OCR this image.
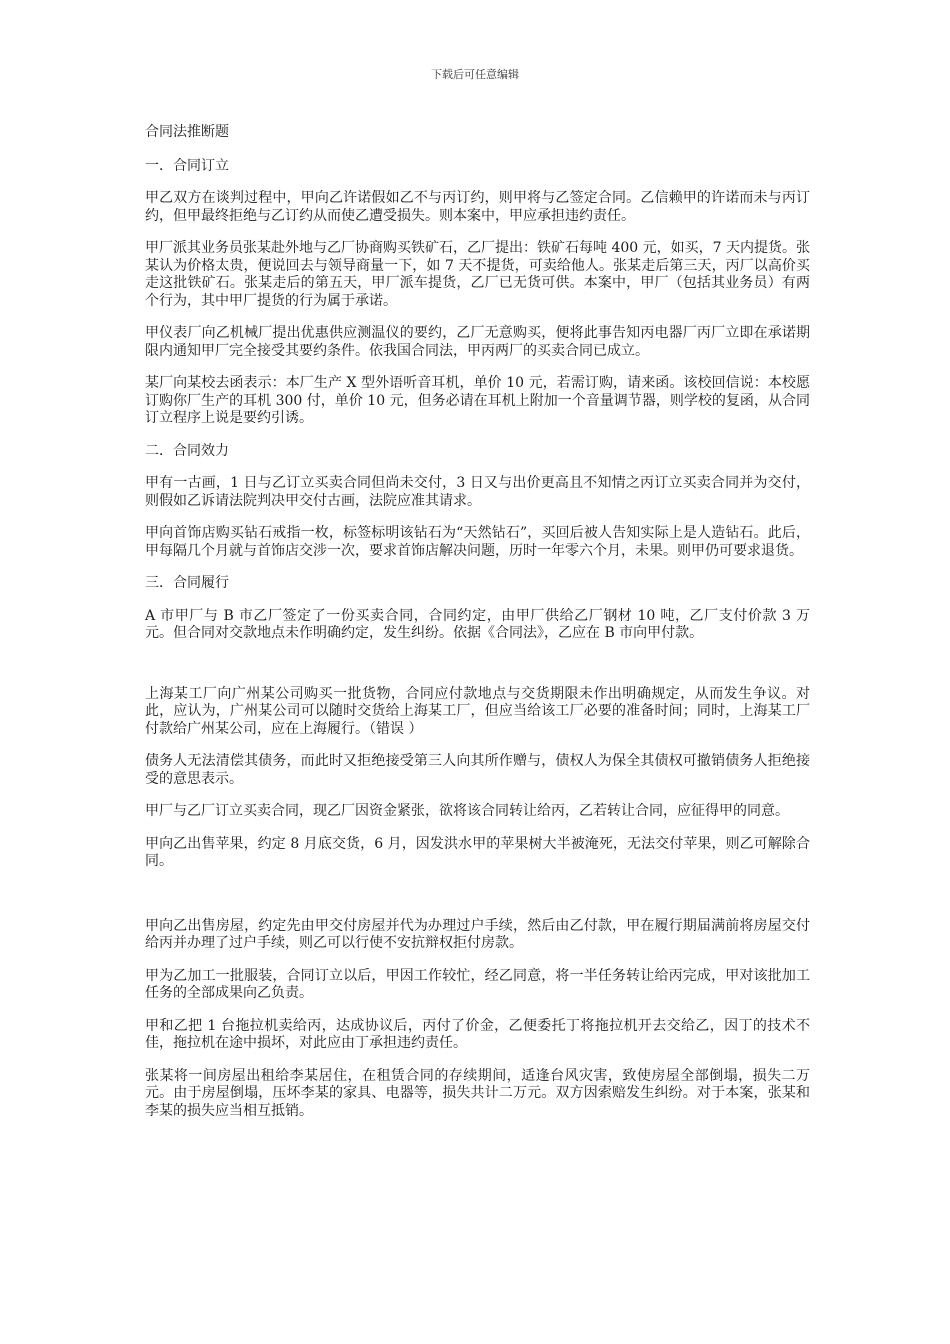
下载后可任意编辑

合同法推断题

一．合同订立

甲乙双方在谈判过程中，甲向乙许诺假如乙不与丙订约，则甲将与乙签定合同。乙信赖甲的许诺而未与丙订约，但甲最终拒绝与乙订约从而使乙遭受损失。则本案中，甲应承担违约责任。

甲厂派其业务员张某赴外地与乙厂协商购买铁矿石，乙厂提出：铁矿石每吨 400 元，如买，7 天内提货。张某认为价格太贵，便说回去与领导商量一下，如 7 天不提货，可卖给他人。张某走后第三天，丙厂以高价买走这批铁矿石。张某走后的第五天，甲厂派车提货，乙厂已无货可供。本案中，甲厂（包括其业务员）有两个行为，其中甲厂提货的行为属于承诺。

甲仪表厂向乙机械厂提出优惠供应测温仪的要约，乙厂无意购买，便将此事告知丙电器厂丙厂立即在承诺期限内通知甲厂完全接受其要约条件。依我国合同法，甲丙两厂的买卖合同已成立。

某厂向某校去函表示：本厂生产 X 型外语听音耳机，单价 10 元，若需订购，请来函。该校回信说：本校愿订购你厂生产的耳机 300 付，单价 10 元，但务必请在耳机上附加一个音量调节器，则学校的复函，从合同订立程序上说是要约引诱。

二．合同效力

甲有一古画，1 日与乙订立买卖合同但尚未交付，3 日又与出价更高且不知情之丙订立买卖合同并为交付，则假如乙诉请法院判决甲交付古画，法院应准其请求。

甲向首饰店购买钻石戒指一枚，标签标明该钻石为“天然钻石”，买回后被人告知实际上是人造钻石。此后，甲每隔几个月就与首饰店交涉一次，要求首饰店解决问题，历时一年零六个月，未果。则甲仍可要求退货。

三．合同履行

A 市甲厂与 B 市乙厂签定了一份买卖合同，合同约定，由甲厂供给乙厂钢材 10 吨，乙厂支付价款 3 万元。但合同对交款地点未作明确约定，发生纠纷。依据《合同法》，乙应在 B 市向甲付款。

上海某工厂向广州某公司购买一批货物，合同应付款地点与交货期限未作出明确规定，从而发生争议。对此，应认为，广州某公司可以随时交货给上海某工厂，但应当给该工厂必要的准备时间；同时，上海某工厂付款给广州某公司，应在上海履行。（错误 ）

债务人无法清偿其债务，而此时又拒绝接受第三人向其所作赠与，债权人为保全其债权可撤销债务人拒绝接受的意思表示。

甲厂与乙厂订立买卖合同，现乙厂因资金紧张，欲将该合同转让给丙，乙若转让合同，应征得甲的同意。

甲向乙出售苹果，约定 8 月底交货，6 月，因发洪水甲的苹果树大半被淹死，无法交付苹果，则乙可解除合同。

甲向乙出售房屋，约定先由甲交付房屋并代为办理过户手续，然后由乙付款，甲在履行期届满前将房屋交付给丙并办理了过户手续，则乙可以行使不安抗辩权拒付房款。

甲为乙加工一批服装，合同订立以后，甲因工作较忙，经乙同意，将一半任务转让给丙完成，甲对该批加工任务的全部成果向乙负责。

甲和乙把 1 台拖拉机卖给丙，达成协议后，丙付了价金，乙便委托丁将拖拉机开去交给乙，因丁的技术不佳，拖拉机在途中损坏，对此应由丁承担违约责任。

张某将一间房屋出租给李某居住，在租赁合同的存续期间，适逢台风灾害，致使房屋全部倒塌，损失二万元。由于房屋倒塌，压坏李某的家具、电器等，损失共计二万元。双方因索赔发生纠纷。对于本案，张某和李某的损失应当相互抵销。
